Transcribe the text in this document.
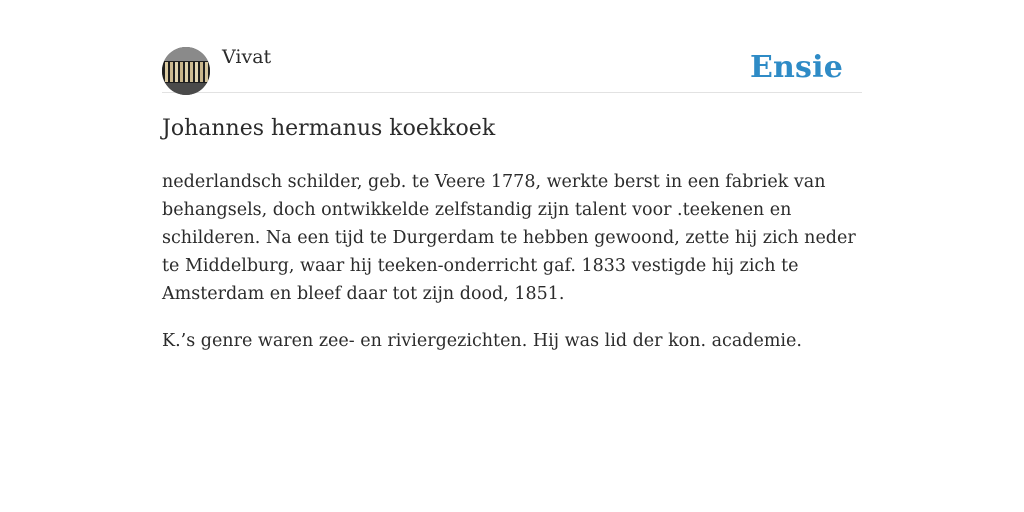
Vivat	Ensie
Johannes hermanus koekkoek

nederlandsch schilder, geb. te Veere 1778, werkte berst in een fabriek van behangsels, doch ontwikkelde zelfstandig zijn talent voor .teekenen en schilderen. Na een tijd te Durgerdam te hebben gewoond, zette hij zich neder te Middelburg, waar hij teeken-onderricht gaf. 1833 vestigde hij zich te Amsterdam en bleef daar tot zijn dood, 1851.

K.’s genre waren zee- en riviergezichten. Hij was lid der kon. academie.
